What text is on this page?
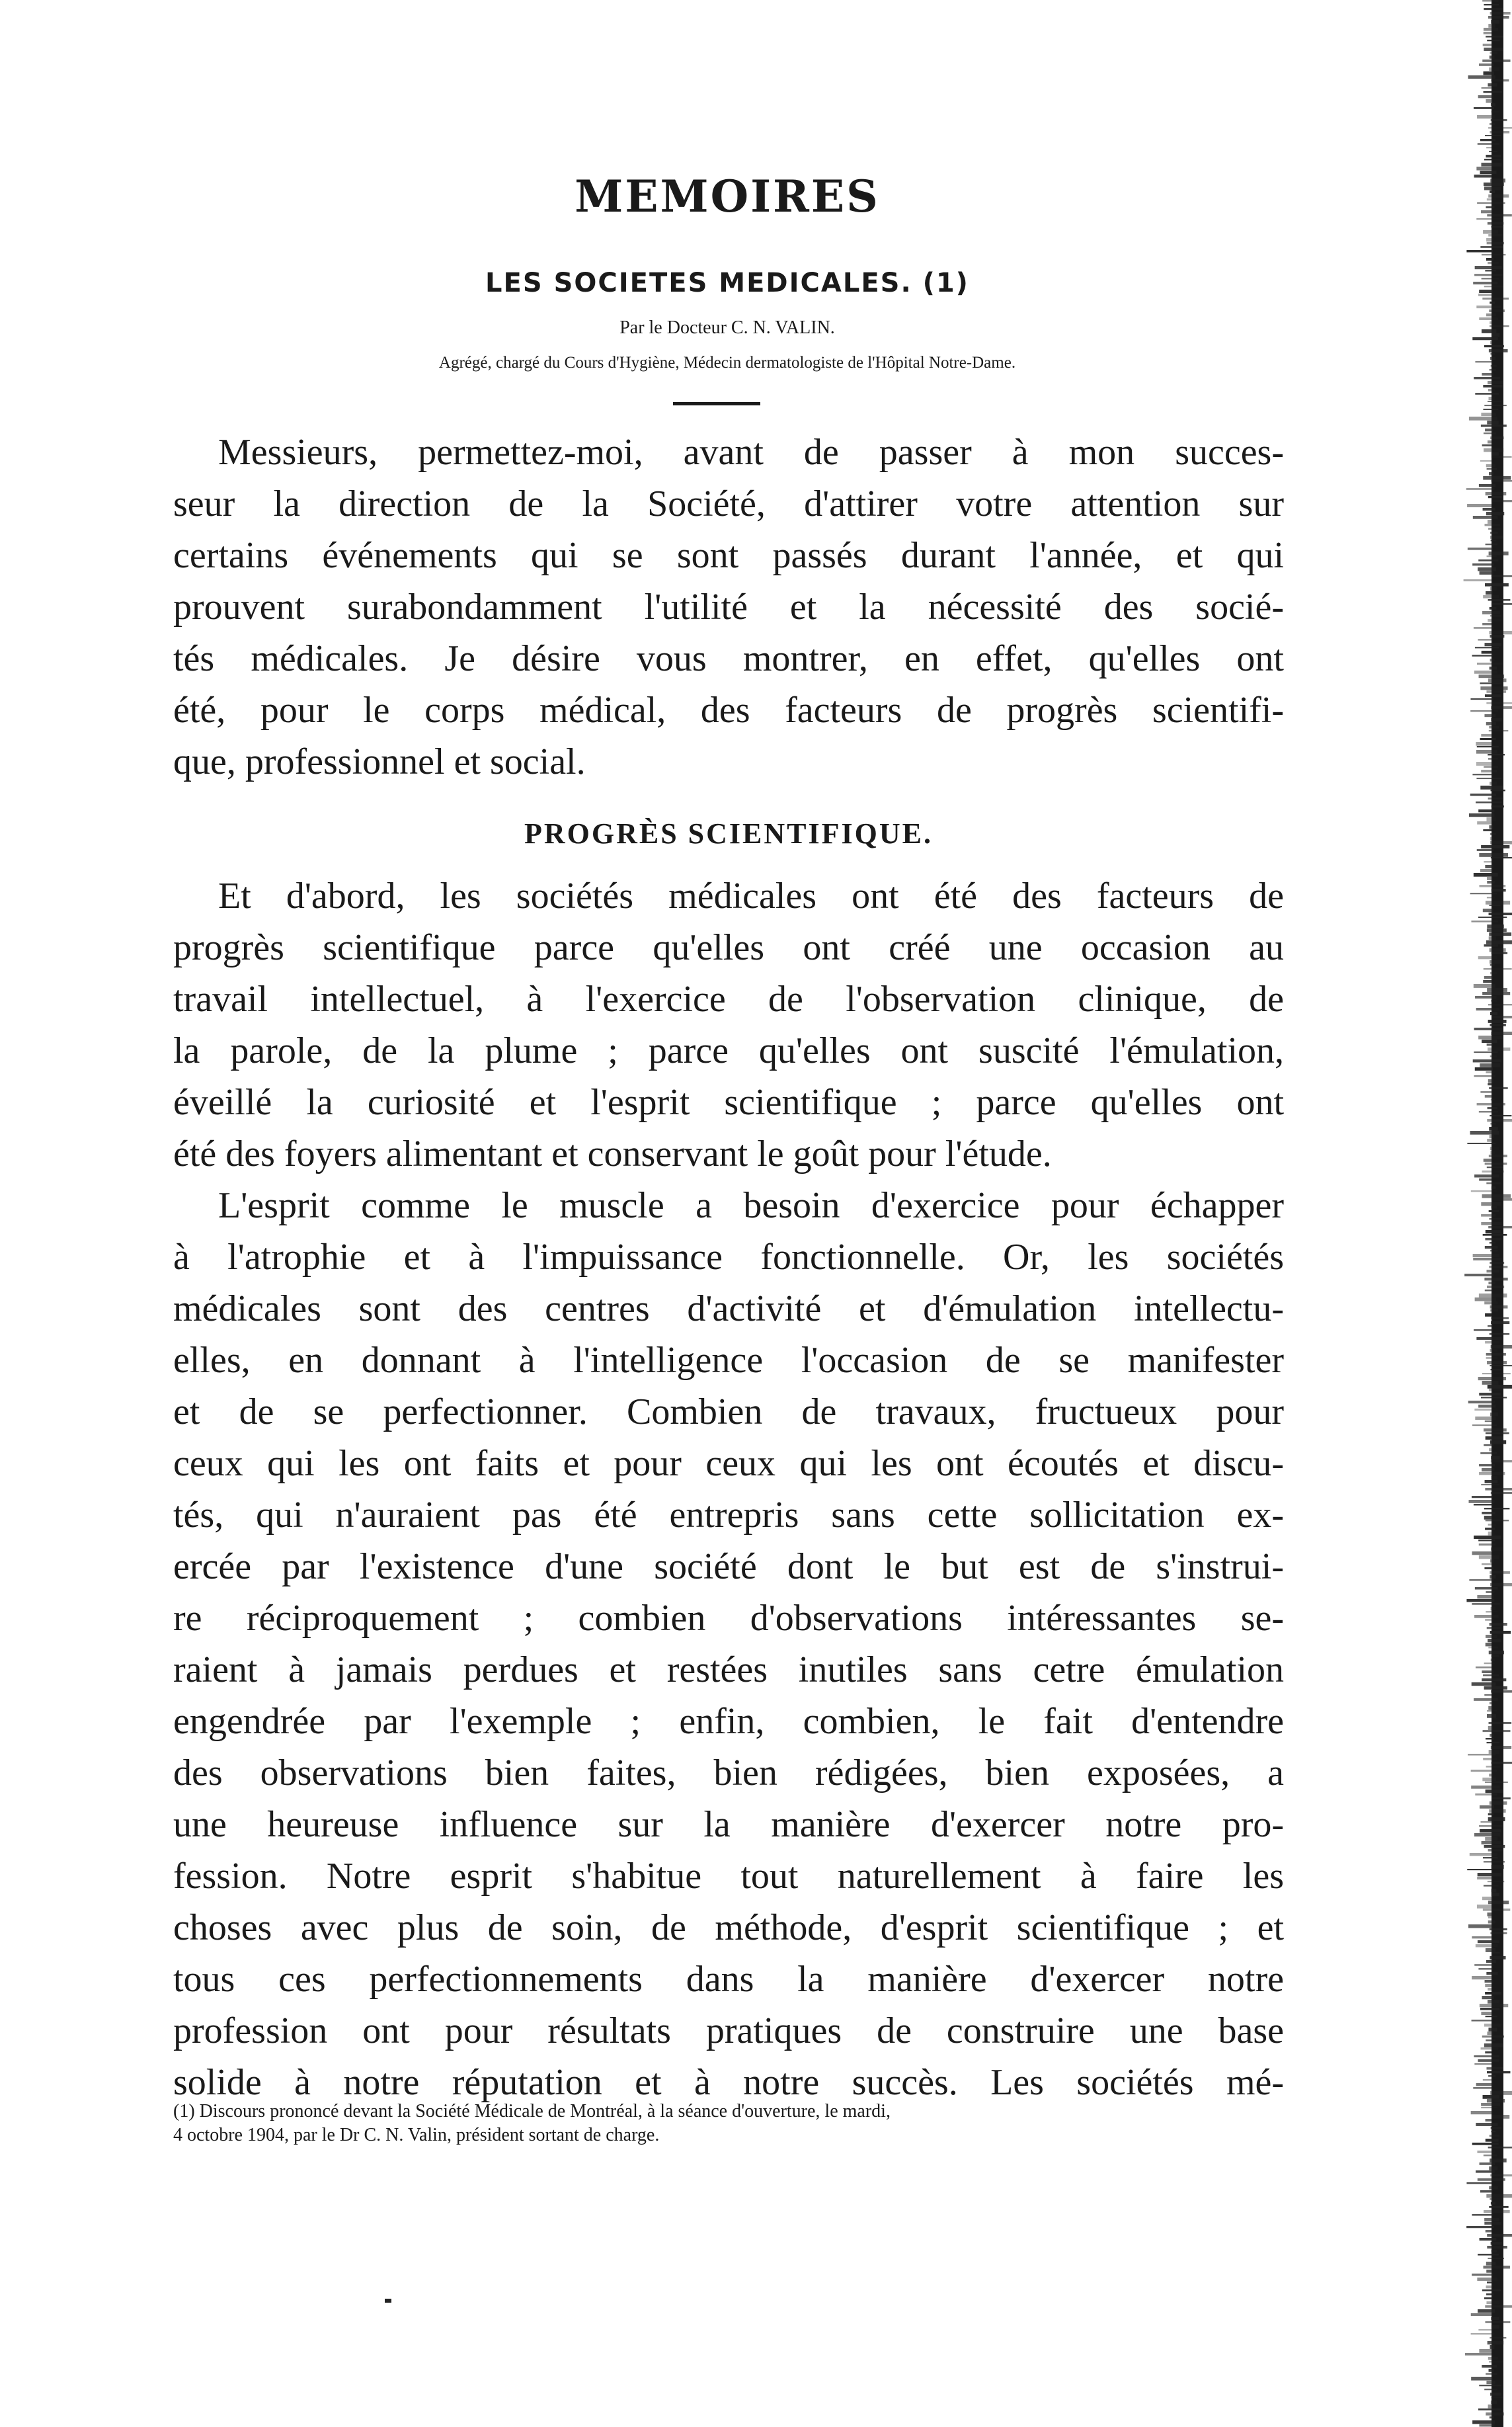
MEMOIRES
LES SOCIETES MEDICALES. (1)
Par le Docteur C. N. VALIN.
Agrégé, chargé du Cours d'Hygiène, Médecin dermatologiste de l'Hôpital Notre-Dame.
Messieurs, permettez-moi, avant de passer à mon succes-
seur la direction de la Société, d'attirer votre attention sur
certains événements qui se sont passés durant l'année, et qui
prouvent surabondamment l'utilité et la nécessité des socié-
tés médicales. Je désire vous montrer, en effet, qu'elles ont
été, pour le corps médical, des facteurs de progrès scientifi-
que, professionnel et social.
PROGRÈS SCIENTIFIQUE.
Et d'abord, les sociétés médicales ont été des facteurs de
progrès scientifique parce qu'elles ont créé une occasion au
travail intellectuel, à l'exercice de l'observation clinique, de
la parole, de la plume ; parce qu'elles ont suscité l'émulation,
éveillé la curiosité et l'esprit scientifique ; parce qu'elles ont
été des foyers alimentant et conservant le goût pour l'étude.
L'esprit comme le muscle a besoin d'exercice pour échapper
à l'atrophie et à l'impuissance fonctionnelle. Or, les sociétés
médicales sont des centres d'activité et d'émulation intellectu-
elles, en donnant à l'intelligence l'occasion de se manifester
et de se perfectionner. Combien de travaux, fructueux pour
ceux qui les ont faits et pour ceux qui les ont écoutés et discu-
tés, qui n'auraient pas été entrepris sans cette sollicitation ex-
ercée par l'existence d'une société dont le but est de s'instrui-
re réciproquement ; combien d'observations intéressantes se-
raient à jamais perdues et restées inutiles sans cetre émulation
engendrée par l'exemple ; enfin, combien, le fait d'entendre
des observations bien faites, bien rédigées, bien exposées, a
une heureuse influence sur la manière d'exercer notre pro-
fession. Notre esprit s'habitue tout naturellement à faire les
choses avec plus de soin, de méthode, d'esprit scientifique ; et
tous ces perfectionnements dans la manière d'exercer notre
profession ont pour résultats pratiques de construire une base
solide à notre réputation et à notre succès. Les sociétés mé-
(1) Discours prononcé devant la Société Médicale de Montréal, à la séance d'ouverture, le mardi,
4 octobre 1904, par le Dr C. N. Valin, président sortant de charge.
